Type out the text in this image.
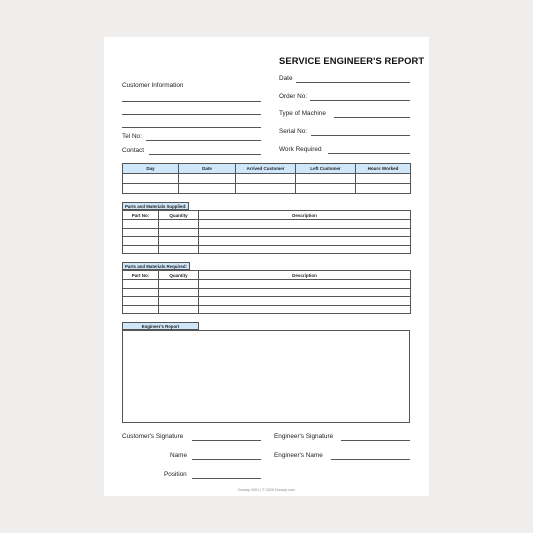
SERVICE ENGINEER'S REPORT
Date
Order No:
Type of Machine
Serial No:
Work Required
Customer Information
Tel No:
Contact
Day	Date	Arrived Customer	Left Customer	Hours Worked

Parts and Materials Supplied:
Part No:	Quantity	Description

Parts and Materials Required:
Part No:	Quantity	Description

Engineer's Report
Customer's Signature
Name
Position
Engineer's Signature
Engineer's Name
Docsep 0001 | © 2025 Docsep.com
